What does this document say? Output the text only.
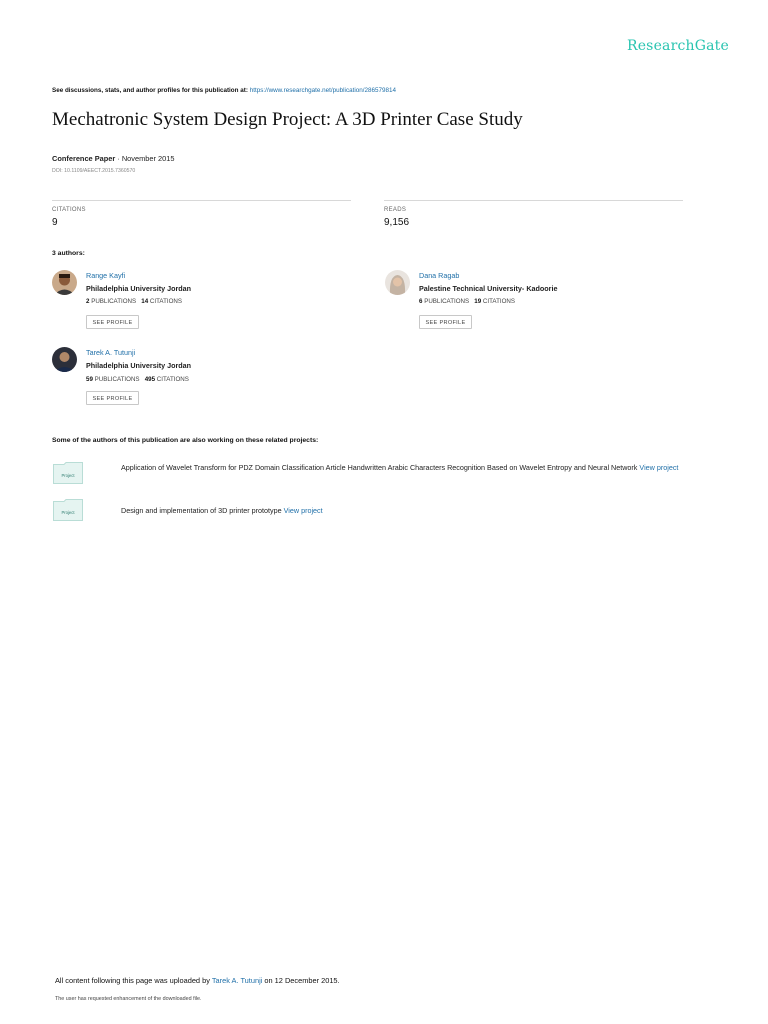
ResearchGate
See discussions, stats, and author profiles for this publication at: https://www.researchgate.net/publication/286579814
Mechatronic System Design Project: A 3D Printer Case Study
Conference Paper · November 2015
DOI: 10.1109/AEECT.2015.7360570
CITATIONS
9
READS
9,156
3 authors:
Range Kayfi
Philadelphia University Jordan
2 PUBLICATIONS 14 CITATIONS
SEE PROFILE
Dana Ragab
Palestine Technical University- Kadoorie
6 PUBLICATIONS 19 CITATIONS
SEE PROFILE
Tarek A. Tutunji
Philadelphia University Jordan
59 PUBLICATIONS 495 CITATIONS
SEE PROFILE
Some of the authors of this publication are also working on these related projects:
Project
Application of Wavelet Transform for PDZ Domain Classification Article Handwritten Arabic Characters Recognition Based on Wavelet Entropy and Neural Network View project
Project	Design and implementation of 3D printer prototype View project
All content following this page was uploaded by Tarek A. Tutunji on 12 December 2015.
The user has requested enhancement of the downloaded file.
